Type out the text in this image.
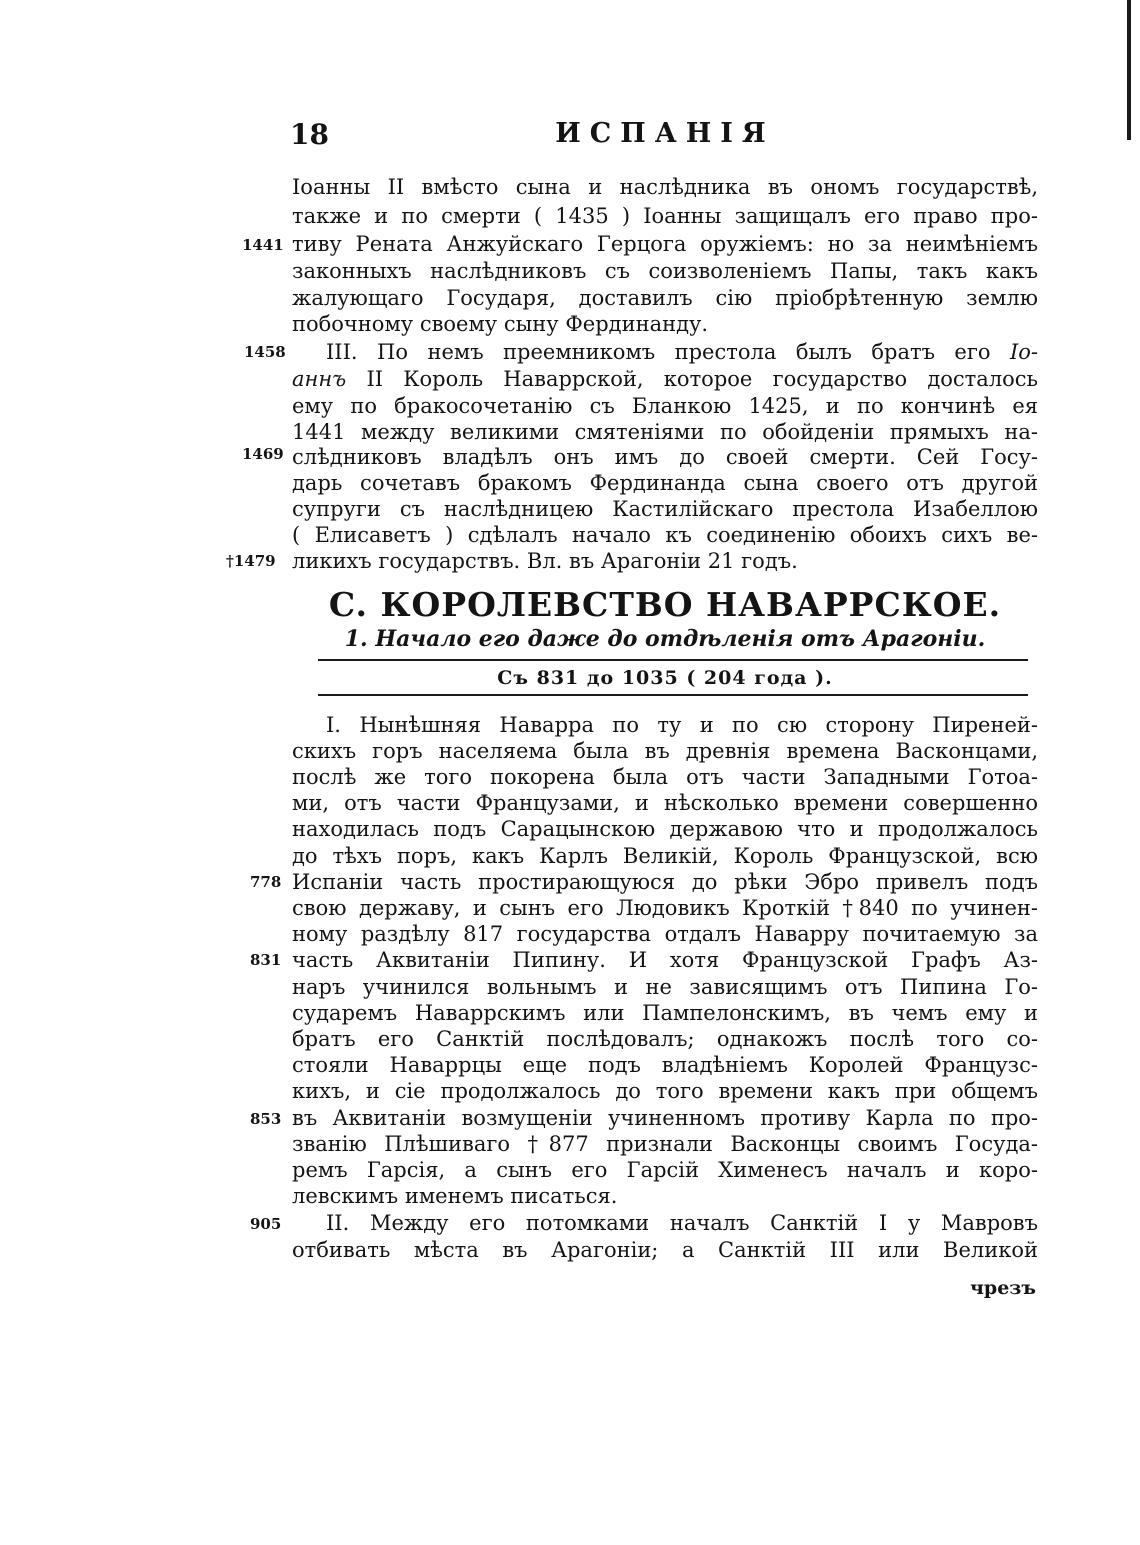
18	ИСПАНІЯ
1441
1458
1469
†1479
778
831
853
905
Іоанны II вмѣсто сына и наслѣдника въ ономъ государствѣ,
также и по смерти ( 1435 ) Іоанны защищалъ его право про-
тиву Рената Анжуйскаго Герцога оружіемъ: но за неимѣніемъ
законныхъ наслѣдниковъ съ соизволеніемъ Папы, такъ какъ
жалующаго Государя, доставилъ сію пріобрѣтенную землю
побочному своему сыну Фердинанду.
III. По немъ преемникомъ престола былъ братъ его Іо-
аннъ II Король Наваррской, которое государство досталось
ему по бракосочетанію съ Бланкою 1425, и по кончинѣ ея
1441 между великими смятеніями по обойденіи прямыхъ на-
слѣдниковъ владѣлъ онъ имъ до своей смерти. Сей Госу-
дарь сочетавъ бракомъ Фердинанда сына своего отъ другой
супруги съ наслѣдницею Кастилійскаго престола Изабеллою
( Елисаветъ ) сдѣлалъ начало къ соединенію обоихъ сихъ ве-
ликихъ государствъ. Вл. въ Арагоніи 21 годъ.
C. КОРОЛЕВСТВО НАВАРРСКОЕ.
1. Начало его даже до отдѣленія отъ Арагоніи.
Съ 831 до 1035 ( 204 года ).
I. Нынѣшняя Наварра по ту и по сю сторону Пиреней-
скихъ горъ населяема была въ древнія времена Васконцами,
послѣ же того покорена была отъ части Западными Готоа-
ми, отъ части Французами, и нѣсколько времени совершенно
находилась подъ Сарацынскою державою что и продолжалось
до тѣхъ поръ, какъ Карлъ Великій, Король Французской, всю
Испаніи часть простирающуюся до рѣки Эбро привелъ подъ
свою державу, и сынъ его Людовикъ Кроткій †840 по учинен-
ному раздѣлу 817 государства отдалъ Наварру почитаемую за
часть Аквитаніи Пипину. И хотя Французской Графъ Аз-
наръ учинился вольнымъ и не зависящимъ отъ Пипина Го-
сударемъ Наваррскимъ или Пампелонскимъ, въ чемъ ему и
братъ его Санктій послѣдовалъ; однакожъ послѣ того со-
стояли Наваррцы еще подъ владѣніемъ Королей Французс-
кихъ, и сіе продолжалось до того времени какъ при общемъ
въ Аквитаніи возмущеніи учиненномъ противу Карла по про-
званію Плѣшиваго †877 признали Васконцы своимъ Госуда-
ремъ Гарсія, а сынъ его Гарсій Хименесъ началъ и коро-
левскимъ именемъ писаться.
II. Между его потомками началъ Санктій I у Мавровъ
отбивать мѣста въ Арагоніи; а Санктій III или Великой
чрезъ
